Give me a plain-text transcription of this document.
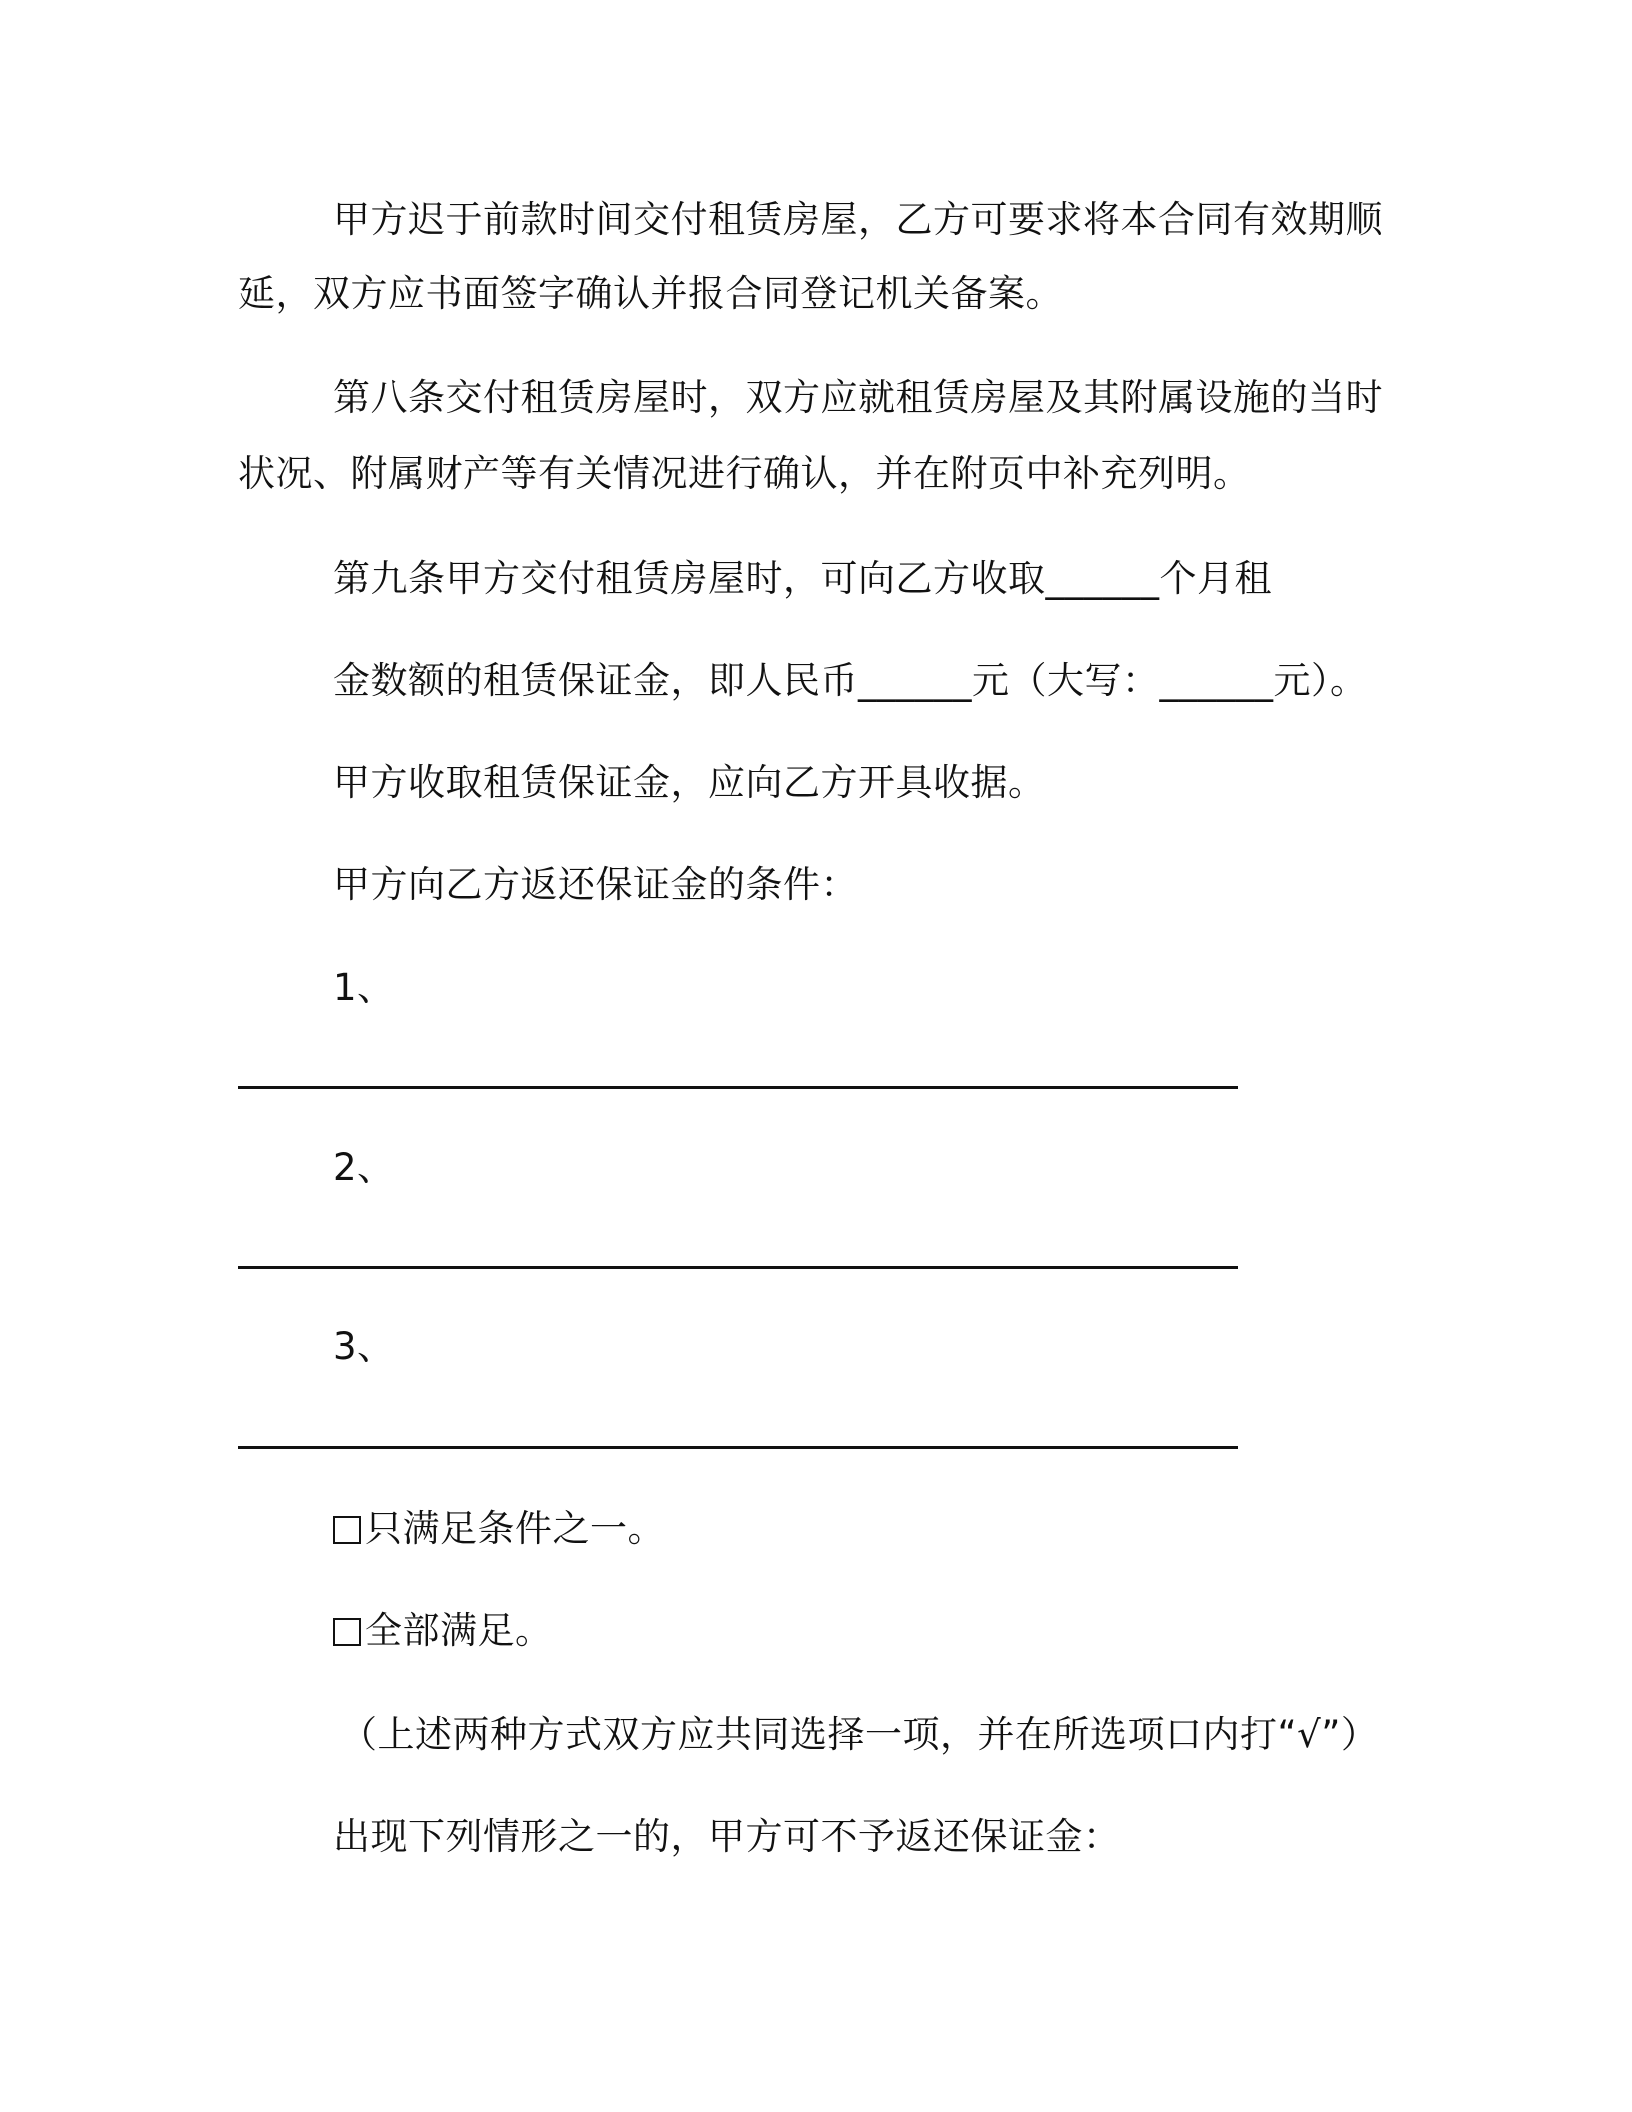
甲方迟于前款时间交付租赁房屋，乙方可要求将本合同有效期顺
延，双方应书面签字确认并报合同登记机关备案。
第八条交付租赁房屋时，双方应就租赁房屋及其附属设施的当时
状况、附属财产等有关情况进行确认，并在附页中补充列明。
第九条甲方交付租赁房屋时，可向乙方收取______个月租
金数额的租赁保证金，即人民币______元（大写：______元）。
甲方收取租赁保证金，应向乙方开具收据。
甲方向乙方返还保证金的条件：
1、
2、
3、
只满足条件之一。
全部满足。
（上述两种方式双方应共同选择一项，并在所选项口内打“√”）
出现下列情形之一的，甲方可不予返还保证金：
